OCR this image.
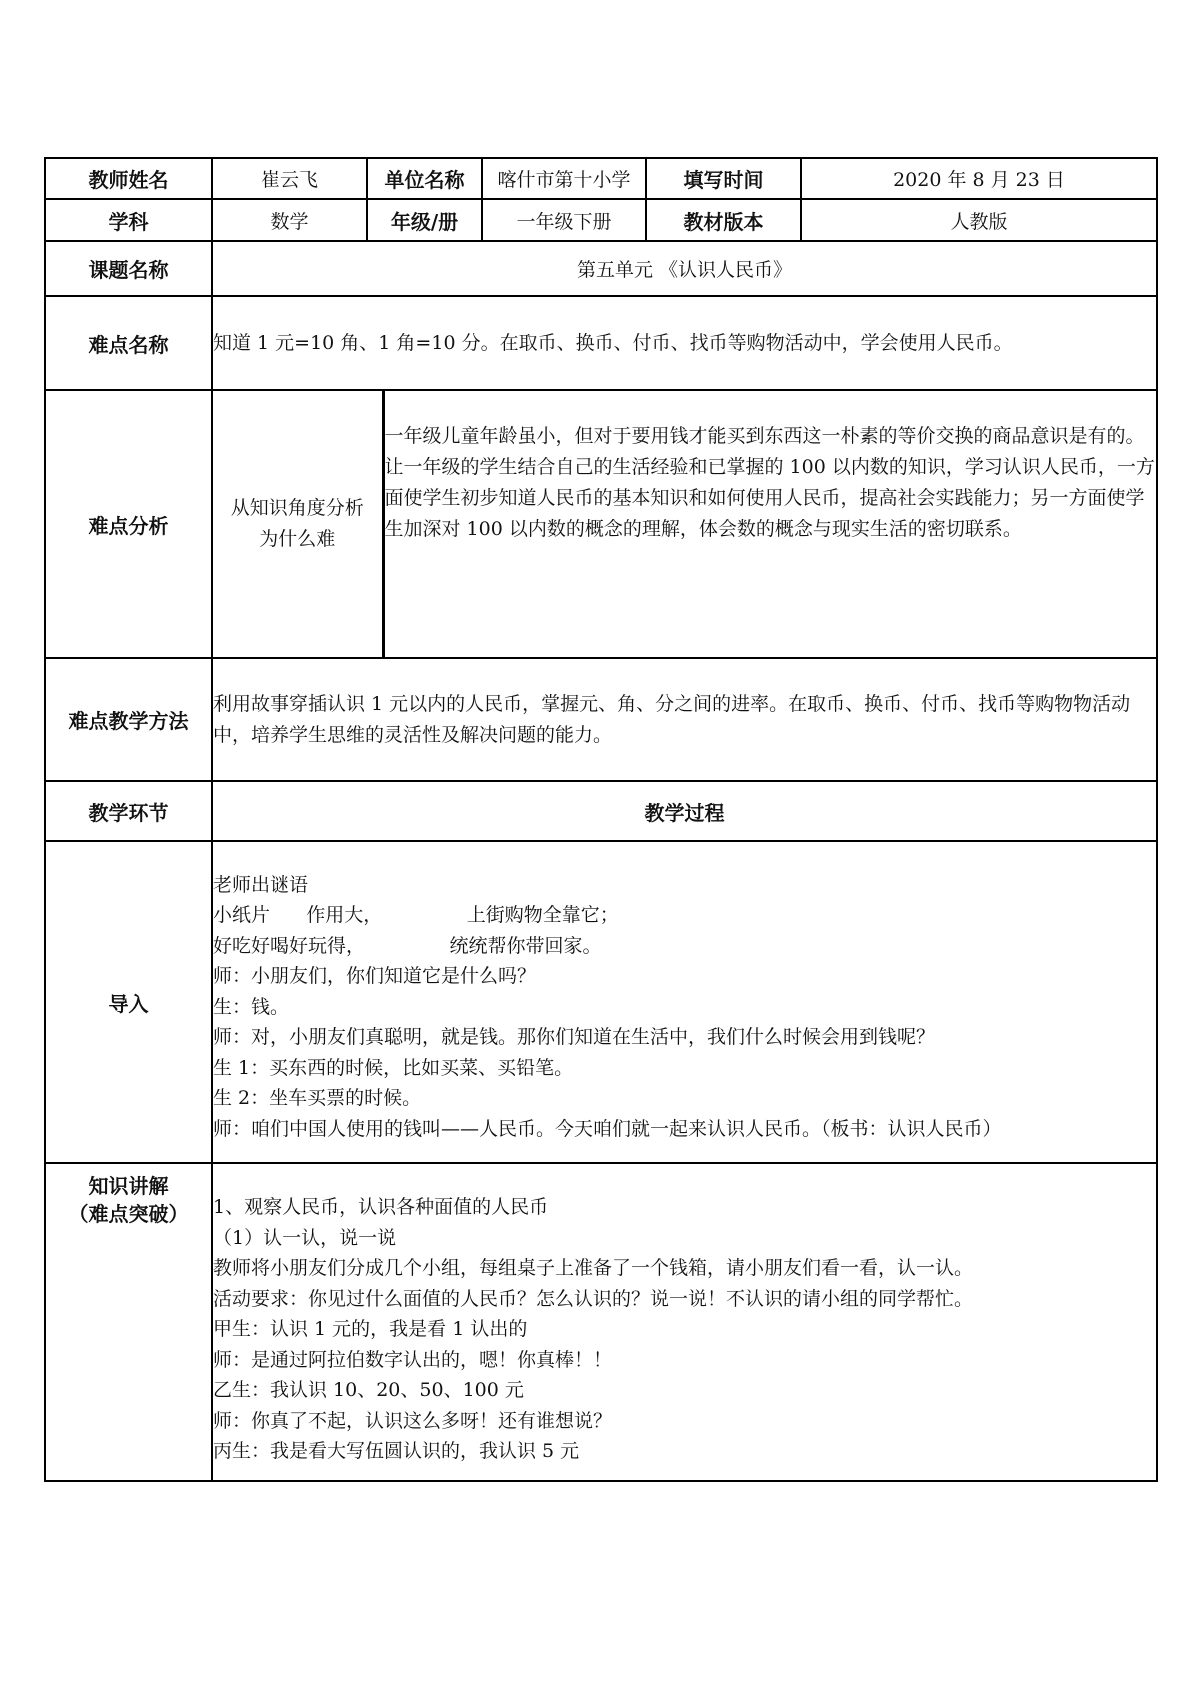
教师姓名	崔云飞	单位名称	喀什市第十小学	填写时间	2020 年 8 月 23 日
学科	数学	年级/册	一年级下册	教材版本	人教版
课题名称	第五单元 《认识人民币》
难点名称	知道 1 元=10 角、1 角=10 分。在取币、换币、付币、找币等购物活动中，学会使用人民币。
难点分析	
从知识角度分析为什么难	一年级儿童年龄虽小，但对于要用钱才能买到东西这一朴素的等价交换的商品意识是有的。让一年级的学生结合自己的生活经验和已掌握的 100 以内数的知识，学习认识人民币，一方面使学生初步知道人民币的基本知识和如何使用人民币，提高社会实践能力；另一方面使学生加深对 100 以内数的概念的理解，体会数的概念与现实生活的密切联系。

难点教学方法	利用故事穿插认识 1 元以内的人民币，掌握元、角、分之间的进率。在取币、换币、付币、找币等购物物活动中，培养学生思维的灵活性及解决问题的能力。
教学环节	教学过程
导入	
老师出谜语
小纸片      作用大，              上街购物全靠它；
好吃好喝好玩得，              统统帮你带回家。
师：小朋友们，你们知道它是什么吗？
生：钱。
师：对，小朋友们真聪明，就是钱。那你们知道在生活中，我们什么时候会用到钱呢？
生 1：买东西的时候，比如买菜、买铅笔。
生 2：坐车买票的时候。
师：咱们中国人使用的钱叫——人民币。今天咱们就一起来认识人民币。（板书：认识人民币）

知识讲解
（难点突破）	1、观察人民币，认识各种面值的人民币
（1）认一认，说一说
教师将小朋友们分成几个小组，每组桌子上准备了一个钱箱，请小朋友们看一看，认一认。
活动要求：你见过什么面值的人民币？怎么认识的？说一说！不认识的请小组的同学帮忙。
甲生：认识 1 元的，我是看 1 认出的
师：是通过阿拉伯数字认出的，嗯！你真棒！！
乙生：我认识 10、20、50、100 元
师：你真了不起，认识这么多呀！还有谁想说？
丙生：我是看大写伍圆认识的，我认识 5 元
